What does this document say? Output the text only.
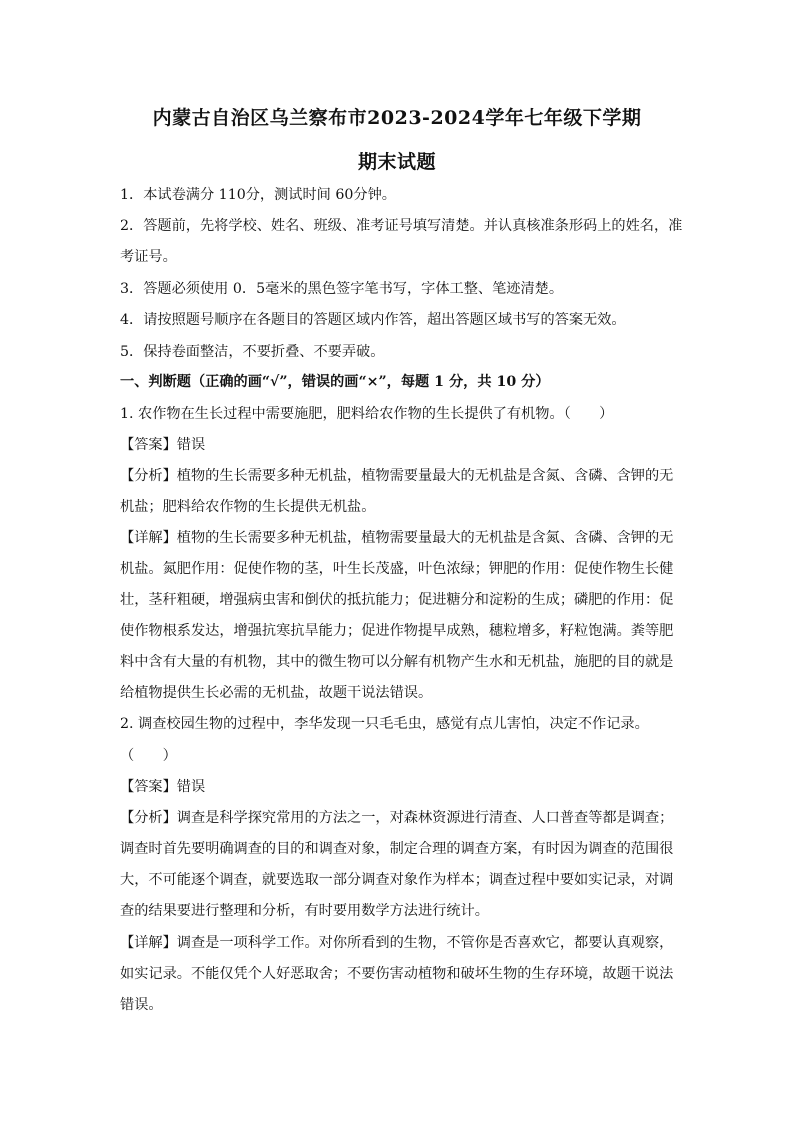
内蒙古自治区乌兰察布市2023-2024学年七年级下学期
期末试题
1．本试卷满分 110分，测试时间 60分钟。
2．答题前，先将学校、姓名、班级、准考证号填写清楚。并认真核准条形码上的姓名，准
考证号。
3．答题必须使用 0．5毫米的黑色签字笔书写，字体工整、笔迹清楚。
4．请按照题号顺序在各题目的答题区域内作答，超出答题区域书写的答案无效。
5．保持卷面整洁，不要折叠、不要弄破。
一、判断题（正确的画“√”，错误的画“×”，每题 1 分，共 10 分）
1. 农作物在生长过程中需要施肥，肥料给农作物的生长提供了有机物。（　　）
【答案】错误
【分析】植物的生长需要多种无机盐，植物需要量最大的无机盐是含氮、含磷、含钾的无
机盐；肥料给农作物的生长提供无机盐。
【详解】植物的生长需要多种无机盐，植物需要量最大的无机盐是含氮、含磷、含钾的无
机盐。氮肥作用：促使作物的茎，叶生长茂盛，叶色浓绿；钾肥的作用：促使作物生长健
壮，茎秆粗硬，增强病虫害和倒伏的抵抗能力；促进糖分和淀粉的生成；磷肥的作用：促
使作物根系发达，增强抗寒抗旱能力；促进作物提早成熟，穗粒增多，籽粒饱满。粪等肥
料中含有大量的有机物，其中的微生物可以分解有机物产生水和无机盐，施肥的目的就是
给植物提供生长必需的无机盐，故题干说法错误。
2. 调查校园生物的过程中，李华发现一只毛毛虫，感觉有点儿害怕，决定不作记录。
（　　）
【答案】错误
【分析】调查是科学探究常用的方法之一，对森林资源进行清查、人口普查等都是调查；
调查时首先要明确调查的目的和调查对象，制定合理的调查方案，有时因为调查的范围很
大，不可能逐个调查，就要选取一部分调查对象作为样本；调查过程中要如实记录，对调
查的结果要进行整理和分析，有时要用数学方法进行统计。
【详解】调查是一项科学工作。对你所看到的生物，不管你是否喜欢它，都要认真观察，
如实记录。不能仅凭个人好恶取舍；不要伤害动植物和破坏生物的生存环境，故题干说法
错误。
